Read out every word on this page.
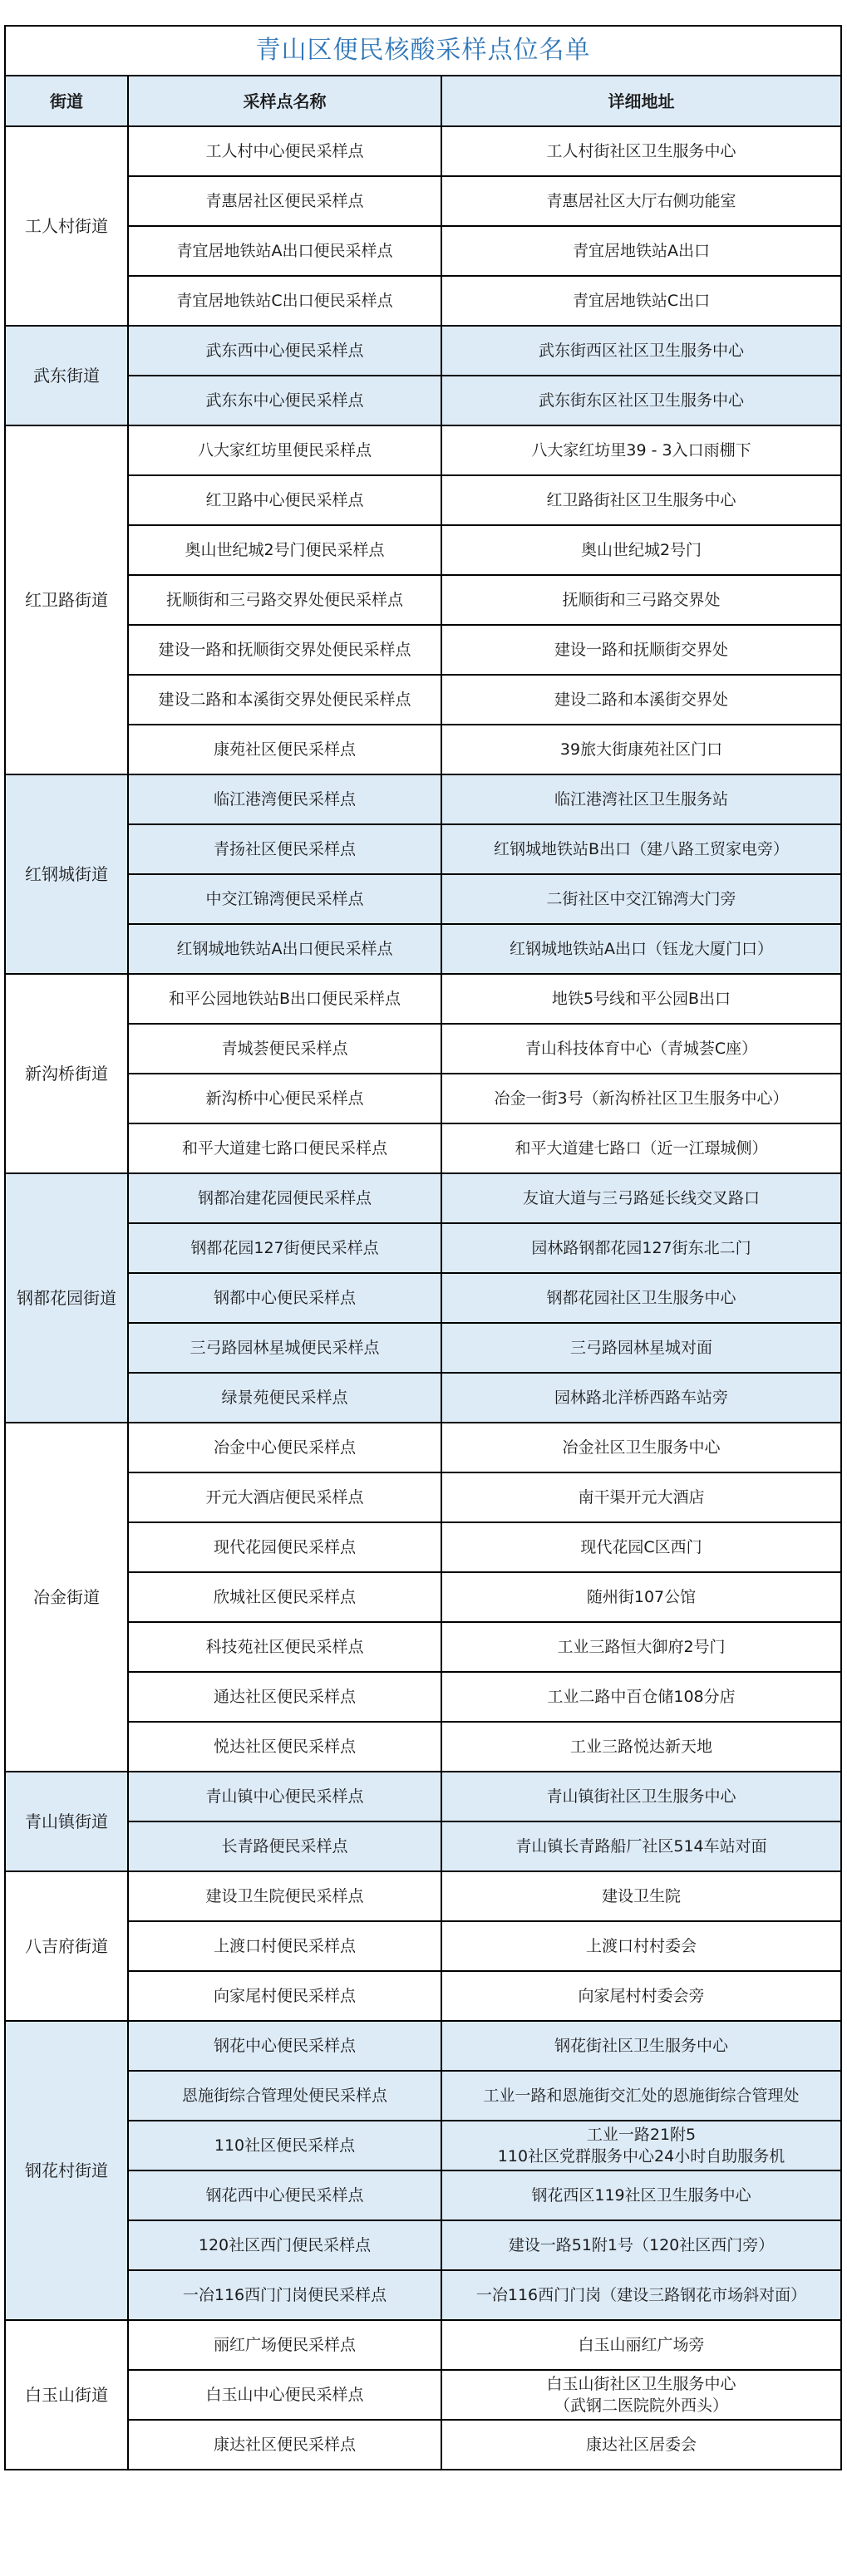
青山区便民核酸采样点位名单		
街道	采样点名称	详细地址
工人村街道	工人村中心便民采样点	工人村街社区卫生服务中心
	青惠居社区便民采样点	青惠居社区大厅右侧功能室
	青宜居地铁站A出口便民采样点	青宜居地铁站A出口
	青宜居地铁站C出口便民采样点	青宜居地铁站C出口
武东街道	武东西中心便民采样点	武东街西区社区卫生服务中心
	武东东中心便民采样点	武东街东区社区卫生服务中心
红卫路街道	八大家红坊里便民采样点	八大家红坊里39 - 3入口雨棚下
	红卫路中心便民采样点	红卫路街社区卫生服务中心
	奥山世纪城2号门便民采样点	奥山世纪城2号门
	抚顺街和三弓路交界处便民采样点	抚顺街和三弓路交界处
	建设一路和抚顺街交界处便民采样点	建设一路和抚顺街交界处
	建设二路和本溪街交界处便民采样点	建设二路和本溪街交界处
	康苑社区便民采样点	39旅大街康苑社区门口
红钢城街道	临江港湾便民采样点	临江港湾社区卫生服务站
	青扬社区便民采样点	红钢城地铁站B出口（建八路工贸家电旁）
	中交江锦湾便民采样点	二街社区中交江锦湾大门旁
	红钢城地铁站A出口便民采样点	红钢城地铁站A出口（钰龙大厦门口）
新沟桥街道	和平公园地铁站B出口便民采样点	地铁5号线和平公园B出口
	青城荟便民采样点	青山科技体育中心（青城荟C座）
	新沟桥中心便民采样点	冶金一街3号（新沟桥社区卫生服务中心）
	和平大道建七路口便民采样点	和平大道建七路口（近一江璟城侧）
钢都花园街道	钢都冶建花园便民采样点	友谊大道与三弓路延长线交叉路口
	钢都花园127街便民采样点	园林路钢都花园127街东北二门
	钢都中心便民采样点	钢都花园社区卫生服务中心
	三弓路园林星城便民采样点	三弓路园林星城对面
	绿景苑便民采样点	园林路北洋桥西路车站旁
冶金街道	冶金中心便民采样点	冶金社区卫生服务中心
	开元大酒店便民采样点	南干渠开元大酒店
	现代花园便民采样点	现代花园C区西门
	欣城社区便民采样点	随州街107公馆
	科技苑社区便民采样点	工业三路恒大御府2号门
	通达社区便民采样点	工业二路中百仓储108分店
	悦达社区便民采样点	工业三路悦达新天地
青山镇街道	青山镇中心便民采样点	青山镇街社区卫生服务中心
	长青路便民采样点	青山镇长青路船厂社区514车站对面
八吉府街道	建设卫生院便民采样点	建设卫生院
	上渡口村便民采样点	上渡口村村委会
	向家尾村便民采样点	向家尾村村委会旁
钢花村街道	钢花中心便民采样点	钢花街社区卫生服务中心
	恩施街综合管理处便民采样点	工业一路和恩施街交汇处的恩施街综合管理处
	110社区便民采样点	工业一路21附5
110社区党群服务中心24小时自助服务机

	钢花西中心便民采样点	钢花西区119社区卫生服务中心
	120社区西门便民采样点	建设一路51附1号（120社区西门旁）
	一冶116西门门岗便民采样点	一冶116西门门岗（建设三路钢花市场斜对面）
白玉山街道	丽红广场便民采样点	白玉山丽红广场旁
	白玉山中心便民采样点	白玉山街社区卫生服务中心
（武钢二医院院外西头）

	康达社区便民采样点	康达社区居委会
